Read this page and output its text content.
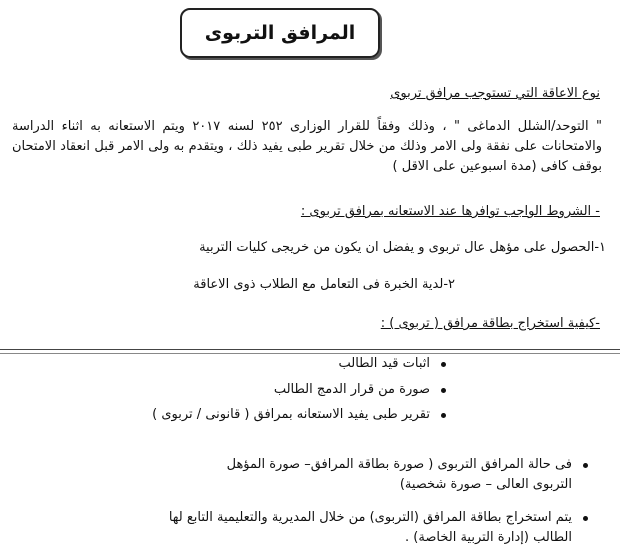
المرافق التربوى
نوع الاعاقة التي تستوجب مرافق تربوى
" التوحد/الشلل الدماغى " ، وذلك وفقاً للقرار الوزارى ٢٥٢ لسنه ٢٠١٧ ويتم الاستعانه به اثناء الدراسة والامتحانات على نفقة ولى الامر وذلك من خلال تقرير طبى يفيد ذلك ، ويتقدم به ولى الامر قبل انعقاد الامتحان بوقف كافى (مدة اسبوعين على الاقل )
- الشروط الواجب توافرها عند الاستعانه بمرافق تربوى :
١-الحصول على مؤهل عال تربوى و يفضل ان يكون من خريجى كليات التربية
٢-لدية الخبرة فى التعامل مع الطلاب ذوى الاعاقة
-كيفية استخراج بطاقة مرافق ( تربوى ) :
اثبات قيد الطالب
صورة من قرار الدمج الطالب
تقرير طبى يفيد الاستعانه بمرافق ( قانونى / تربوى )
فى حالة المرافق التربوى ( صورة بطاقة المرافق– صورة المؤهل التربوى العالى – صورة شخصية)
يتم استخراج بطاقة المرافق (التربوى) من خلال المديرية والتعليمية التابع لها الطالب (إدارة التربية الخاصة) .
